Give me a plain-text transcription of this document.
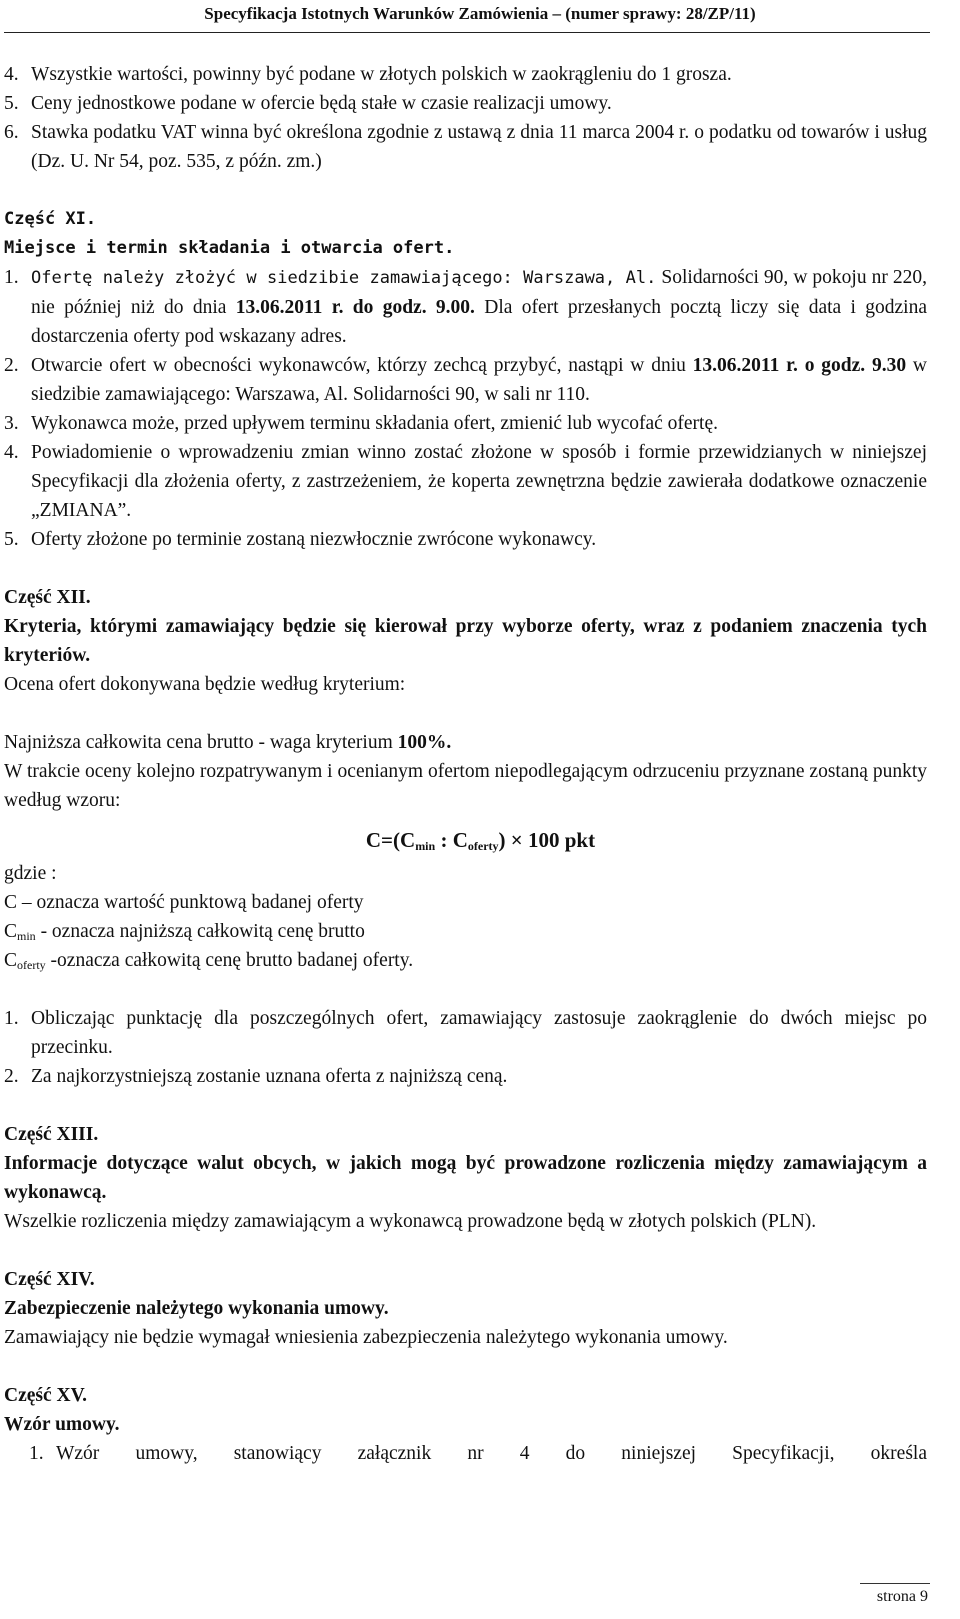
Specyfikacja Istotnych Warunków Zamówienia – (numer sprawy: 28/ZP/11)
4. Wszystkie wartości, powinny być podane w złotych polskich w zaokrągleniu do 1 grosza.
5. Ceny jednostkowe podane w ofercie będą stałe w czasie realizacji umowy.
6. Stawka podatku VAT winna być określona zgodnie z ustawą z dnia 11 marca 2004 r. o podatku od towarów i usług (Dz. U. Nr 54, poz. 535, z późn. zm.)

Część XI.

Miejsce i termin składania i otwarcia ofert.

1. Ofertę należy złożyć w siedzibie zamawiającego: Warszawa, Al. Solidarności 90, w pokoju nr 220, nie później niż do dnia 13.06.2011 r. do godz. 9.00. Dla ofert przesłanych pocztą liczy się data i godzina dostarczenia oferty pod wskazany adres.
2. Otwarcie ofert w obecności wykonawców, którzy zechcą przybyć, nastąpi w dniu 13.06.2011 r. o godz. 9.30 w siedzibie zamawiającego: Warszawa, Al. Solidarności 90, w sali nr 110.
3. Wykonawca może, przed upływem terminu składania ofert, zmienić lub wycofać ofertę.
4. Powiadomienie o wprowadzeniu zmian winno zostać złożone w sposób i formie przewidzianych w niniejszej Specyfikacji dla złożenia oferty, z zastrzeżeniem, że koperta zewnętrzna będzie zawierała dodatkowe oznaczenie „ZMIANA”.
5. Oferty złożone po terminie zostaną niezwłocznie zwrócone wykonawcy.

Część XII.

Kryteria, którymi zamawiający będzie się kierował przy wyborze oferty, wraz z podaniem znaczenia tych kryteriów.

Ocena ofert dokonywana będzie według kryterium:

Najniższa całkowita cena brutto - waga kryterium 100%.

W trakcie oceny kolejno rozpatrywanym i ocenianym ofertom niepodlegającym odrzuceniu przyznane zostaną punkty według wzoru:

$C=(C_{min}$ : $C_{oferty}) \times 100$ pkt

gdzie :

C – oznacza wartość punktową badanej oferty

$C_{min}$ - oznacza najniższą całkowitą cenę brutto

$C_{oferty}$ -oznacza całkowitą cenę brutto badanej oferty.

1. Obliczając punktację dla poszczególnych ofert, zamawiający zastosuje zaokrąglenie do dwóch miejsc po przecinku.
2. Za najkorzystniejszą zostanie uznana oferta z najniższą ceną.

Część XIII.

Informacje dotyczące walut obcych, w jakich mogą być prowadzone rozliczenia między zamawiającym a wykonawcą.

Wszelkie rozliczenia między zamawiającym a wykonawcą prowadzone będą w złotych polskich (PLN).

Część XIV.

Zabezpieczenie należytego wykonania umowy.

Zamawiający nie będzie wymagał wniesienia zabezpieczenia należytego wykonania umowy.

Część XV.

Wzór umowy.

1. Wzór umowy, stanowiący załącznik nr 4 do niniejszej Specyfikacji, określa
strona 9
